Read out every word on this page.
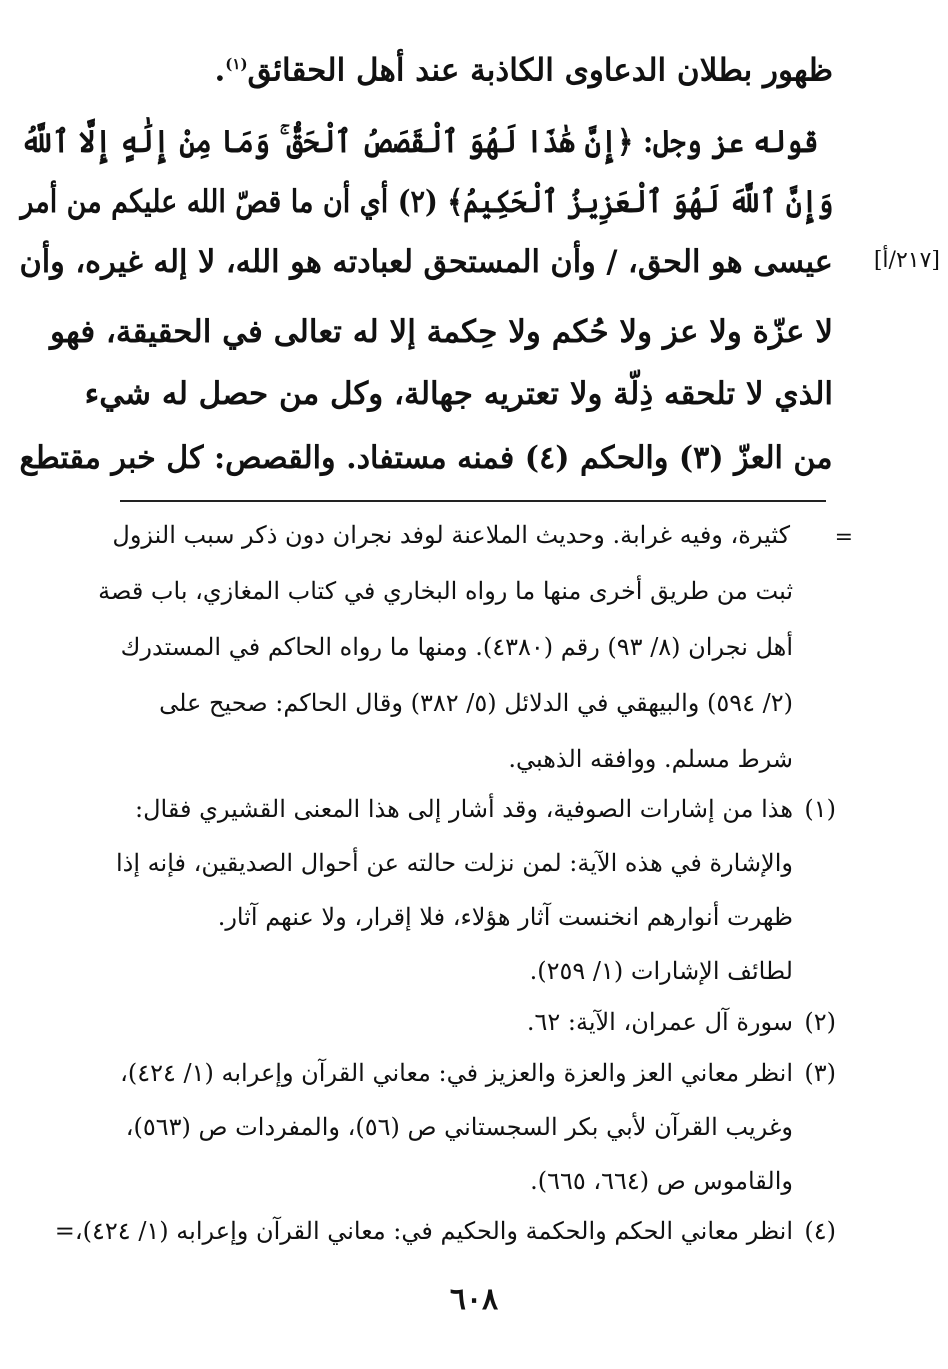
ظهور بطلان الدعاوى الكاذبة عند أهل الحقائق$^{(١)}$.
قوله عز وجل: ﴿إِنَّ هَٰذَا لَهُوَ ٱلْقَصَصُ ٱلْحَقُّ ۚ وَمَا مِنْ إِلَٰهٍ إِلَّا ٱللَّهُ
وَإِنَّ ٱللَّهَ لَهُوَ ٱلْعَزِيزُ ٱلْحَكِيمُ﴾ (٢) أي أن ما قصّ الله عليكم من أمر
عيسى هو الحق، / وأن المستحق لعبادته هو الله، لا إله غيره، وأن
لا عزّة ولا عز ولا حُكم ولا حِكمة إلا له تعالى في الحقيقة، فهو
الذي لا تلحقه ذِلّة ولا تعتريه جهالة، وكل من حصل له شيء
من العزّ (٣) والحكم (٤) فمنه مستفاد. والقصص: كل خبر مقتطع
[٢١٧/أ]
=
كثيرة، وفيه غرابة. وحديث الملاعنة لوفد نجران دون ذكر سبب النزول
ثبت من طريق أخرى منها ما رواه البخاري في كتاب المغازي، باب قصة
أهل نجران (٨/ ٩٣) رقم (٤٣٨٠). ومنها ما رواه الحاكم في المستدرك
(٢/ ٥٩٤) والبيهقي في الدلائل (٥/ ٣٨٢) وقال الحاكم: صحيح على
شرط مسلم. ووافقه الذهبي.
(١)
هذا من إشارات الصوفية، وقد أشار إلى هذا المعنى القشيري فقال:
والإشارة في هذه الآية: لمن نزلت حالته عن أحوال الصديقين، فإنه إذا
ظهرت أنوارهم انخنست آثار هؤلاء، فلا إقرار، ولا عنهم آثار.
لطائف الإشارات (١/ ٢٥٩).
(٢)
سورة آل عمران، الآية: ٦٢.
(٣)
انظر معاني العز والعزة والعزيز في: معاني القرآن وإعرابه (١/ ٤٢٤)،
وغريب القرآن لأبي بكر السجستاني ص (٥٦)، والمفردات ص (٥٦٣)،
والقاموس ص (٦٦٤، ٦٦٥).
(٤)
انظر معاني الحكم والحكمة والحكيم في: معاني القرآن وإعرابه (١/ ٤٢٤)،=
٦٠٨
